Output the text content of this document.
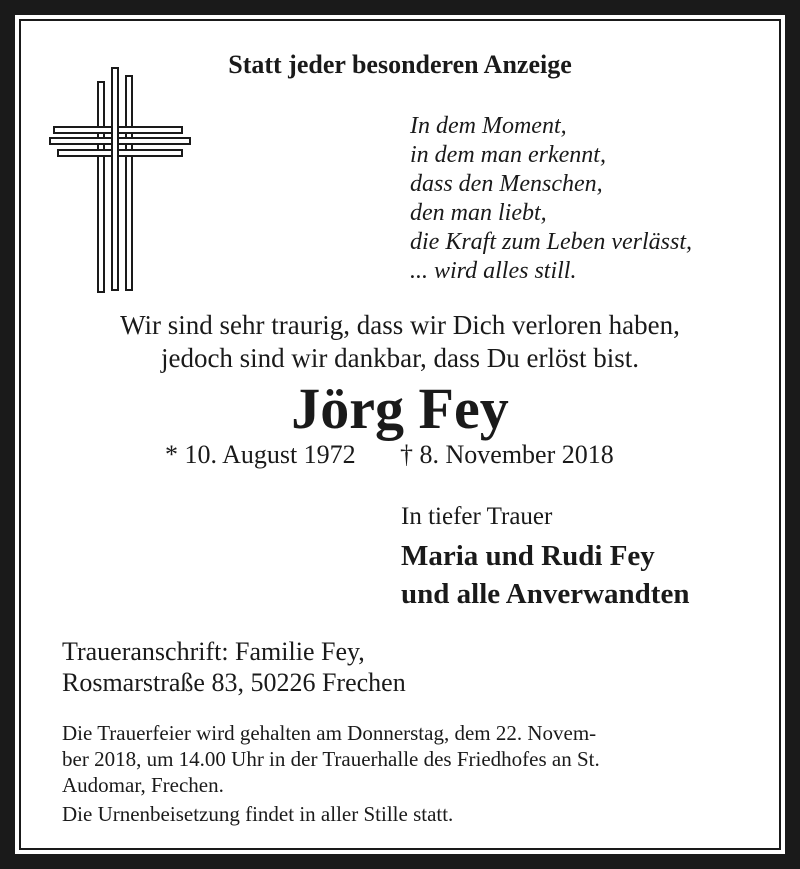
Statt jeder besonderen Anzeige

In dem Moment,

in dem man erkennt,

dass den Menschen,

den man liebt,

die Kraft zum Leben verlässt,

... wird alles still.

Wir sind sehr traurig, dass wir Dich verloren haben,

jedoch sind wir dankbar, dass Du erlöst bist.

Jörg Fey

* 10. August 1972 † 8. November 2018

In tiefer Trauer

Maria und Rudi Fey

und alle Anverwandten

Traueranschrift: Familie Fey,

Rosmarstraße 83, 50226 Frechen

Die Trauerfeier wird gehalten am Donnerstag, dem 22. Novem-

ber 2018, um 14.00 Uhr in der Trauerhalle des Friedhofes an St.

Audomar, Frechen.

Die Urnenbeisetzung findet in aller Stille statt.
